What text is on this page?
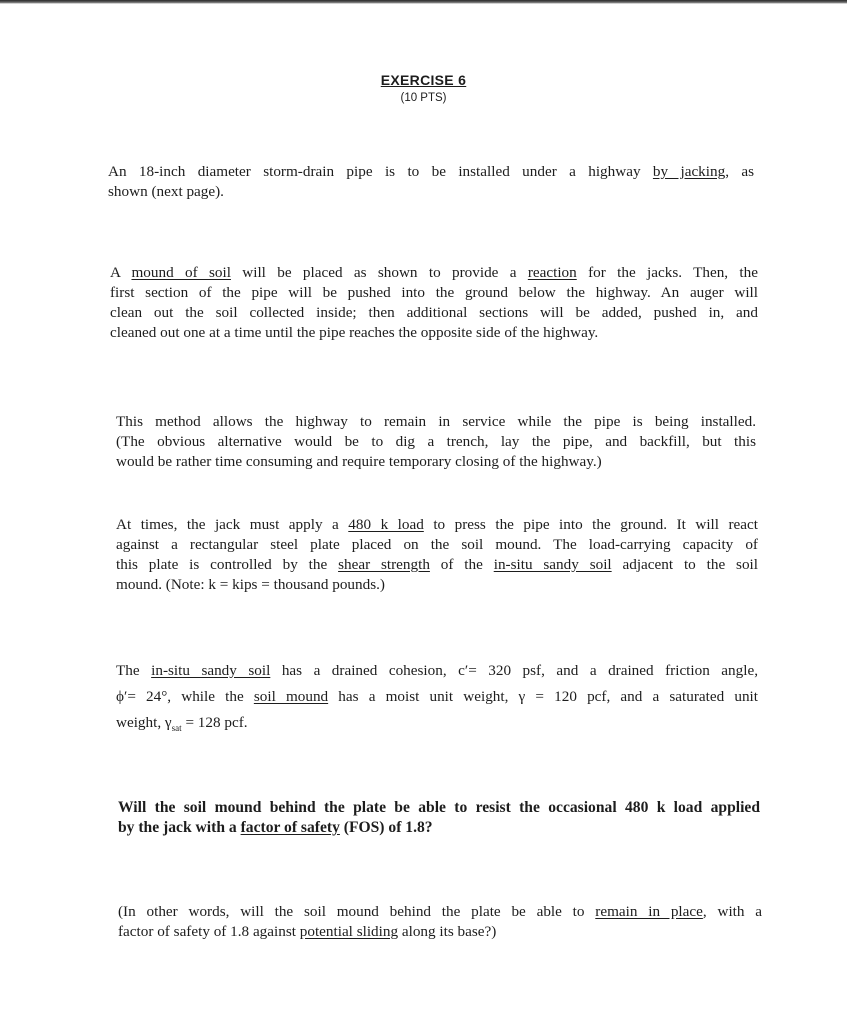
EXERCISE 6
(10 PTS)
An 18-inch diameter storm-drain pipe is to be installed under a highway by jacking, as
shown (next page).
A mound of soil will be placed as shown to provide a reaction for the jacks. Then, the
first section of the pipe will be pushed into the ground below the highway. An auger will
clean out the soil collected inside; then additional sections will be added, pushed in, and
cleaned out one at a time until the pipe reaches the opposite side of the highway.
This method allows the highway to remain in service while the pipe is being installed.
(The obvious alternative would be to dig a trench, lay the pipe, and backfill, but this
would be rather time consuming and require temporary closing of the highway.)
At times, the jack must apply a 480 k load to press the pipe into the ground. It will react
against a rectangular steel plate placed on the soil mound. The load-carrying capacity of
this plate is controlled by the shear strength of the in-situ sandy soil adjacent to the soil
mound. (Note: k = kips = thousand pounds.)
The in-situ sandy soil has a drained cohesion, c′= 320 psf, and a drained friction angle,
ϕ′= 24°, while the soil mound has a moist unit weight, γ = 120 pcf, and a saturated unit
weight, $\gamma_{sat} = 128$ pcf.
Will the soil mound behind the plate be able to resist the occasional 480 k load applied
by the jack with a factor of safety (FOS) of 1.8?
(In other words, will the soil mound behind the plate be able to remain in place, with a
factor of safety of 1.8 against potential sliding along its base?)
